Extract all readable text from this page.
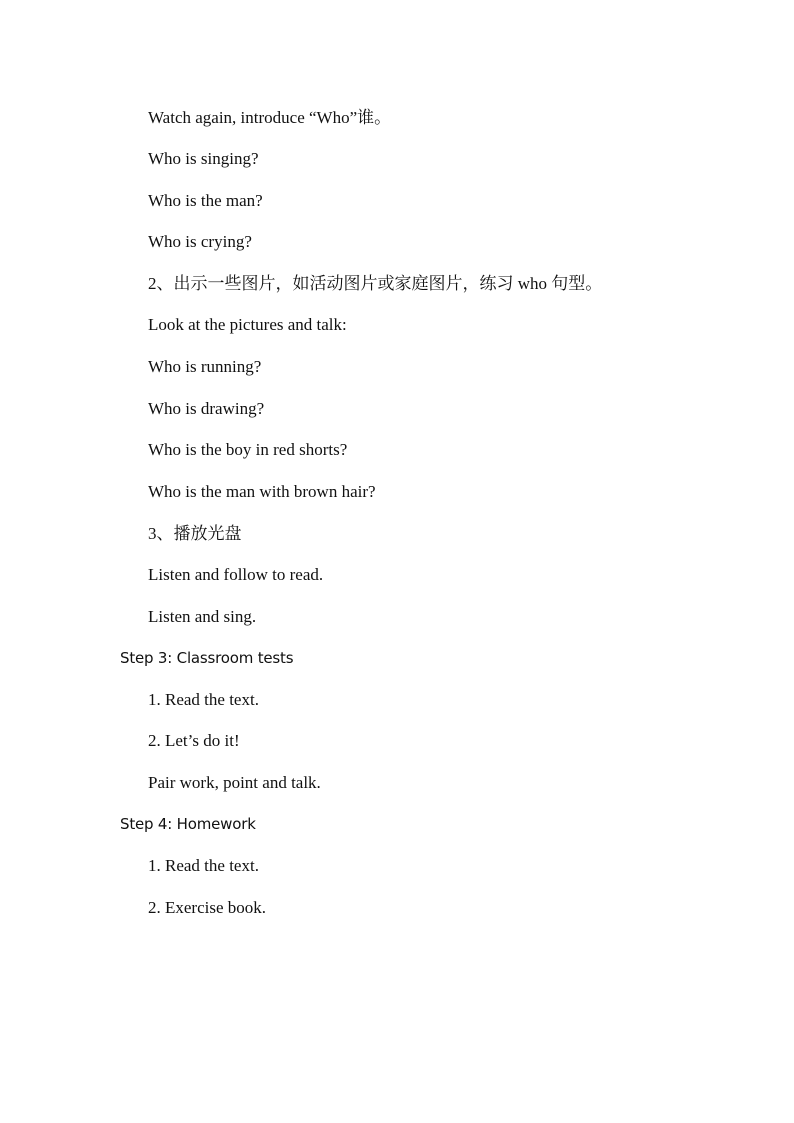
Watch again, introduce “Who”谁。
Who is singing?
Who is the man?
Who is crying?
2、出示一些图片，如活动图片或家庭图片，练习 who 句型。
Look at the pictures and talk:
Who is running?
Who is drawing?
Who is the boy in red shorts?
Who is the man with brown hair?
3、播放光盘
Listen and follow to read.
Listen and sing.
Step 3: Classroom tests
1. Read the text.
2. Let’s do it!
Pair work, point and talk.
Step 4: Homework
1. Read the text.
2. Exercise book.
